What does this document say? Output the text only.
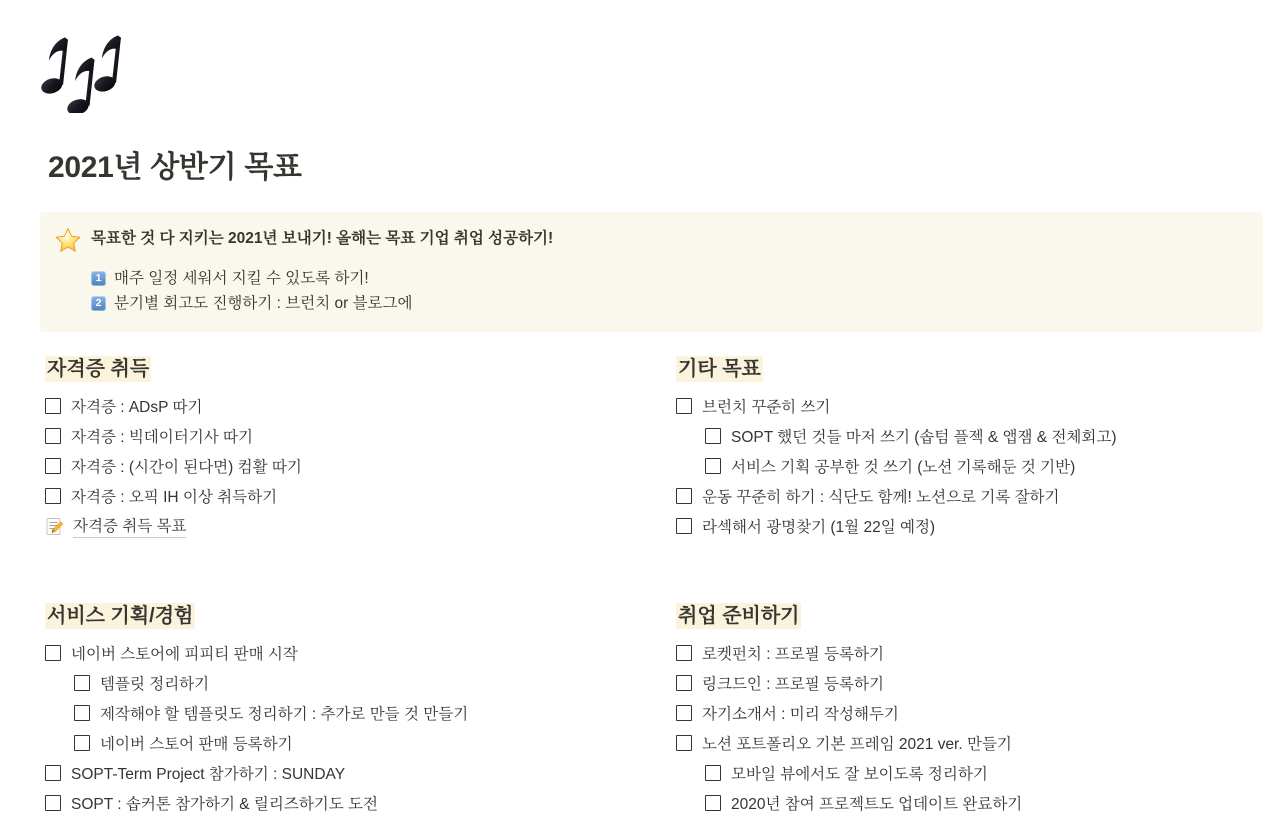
2021년 상반기 목표
목표한 것 다 지키는 2021년 보내기! 올해는 목표 기업 취업 성공하기!
1 매주 일정 세워서 지킬 수 있도록 하기!
2 분기별 회고도 진행하기 : 브런치 or 블로그에
자격증 취득
자격증 : ADsP 따기
자격증 : 빅데이터기사 따기
자격증 : (시간이 된다면) 컴활 따기
자격증 : 오픽 IH 이상 취득하기
자격증 취득 목표
기타 목표
브런치 꾸준히 쓰기
SOPT 했던 것들 마저 쓰기 (솝텀 플젝 & 앱잼 & 전체회고)
서비스 기획 공부한 것 쓰기 (노션 기록해둔 것 기반)
운동 꾸준히 하기 : 식단도 함께! 노션으로 기록 잘하기
라섹해서 광명찾기 (1월 22일 예정)
서비스 기획/경험
네이버 스토어에 피피티 판매 시작
템플릿 정리하기
제작해야 할 템플릿도 정리하기 : 추가로 만들 것 만들기
네이버 스토어 판매 등록하기
SOPT-Term Project 참가하기 : SUNDAY
SOPT : 솝커톤 참가하기 & 릴리즈하기도 도전
취업 준비하기
로켓펀치 : 프로필 등록하기
링크드인 : 프로필 등록하기
자기소개서 : 미리 작성해두기
노션 포트폴리오 기본 프레임 2021 ver. 만들기
모바일 뷰에서도 잘 보이도록 정리하기
2020년 참여 프로젝트도 업데이트 완료하기
